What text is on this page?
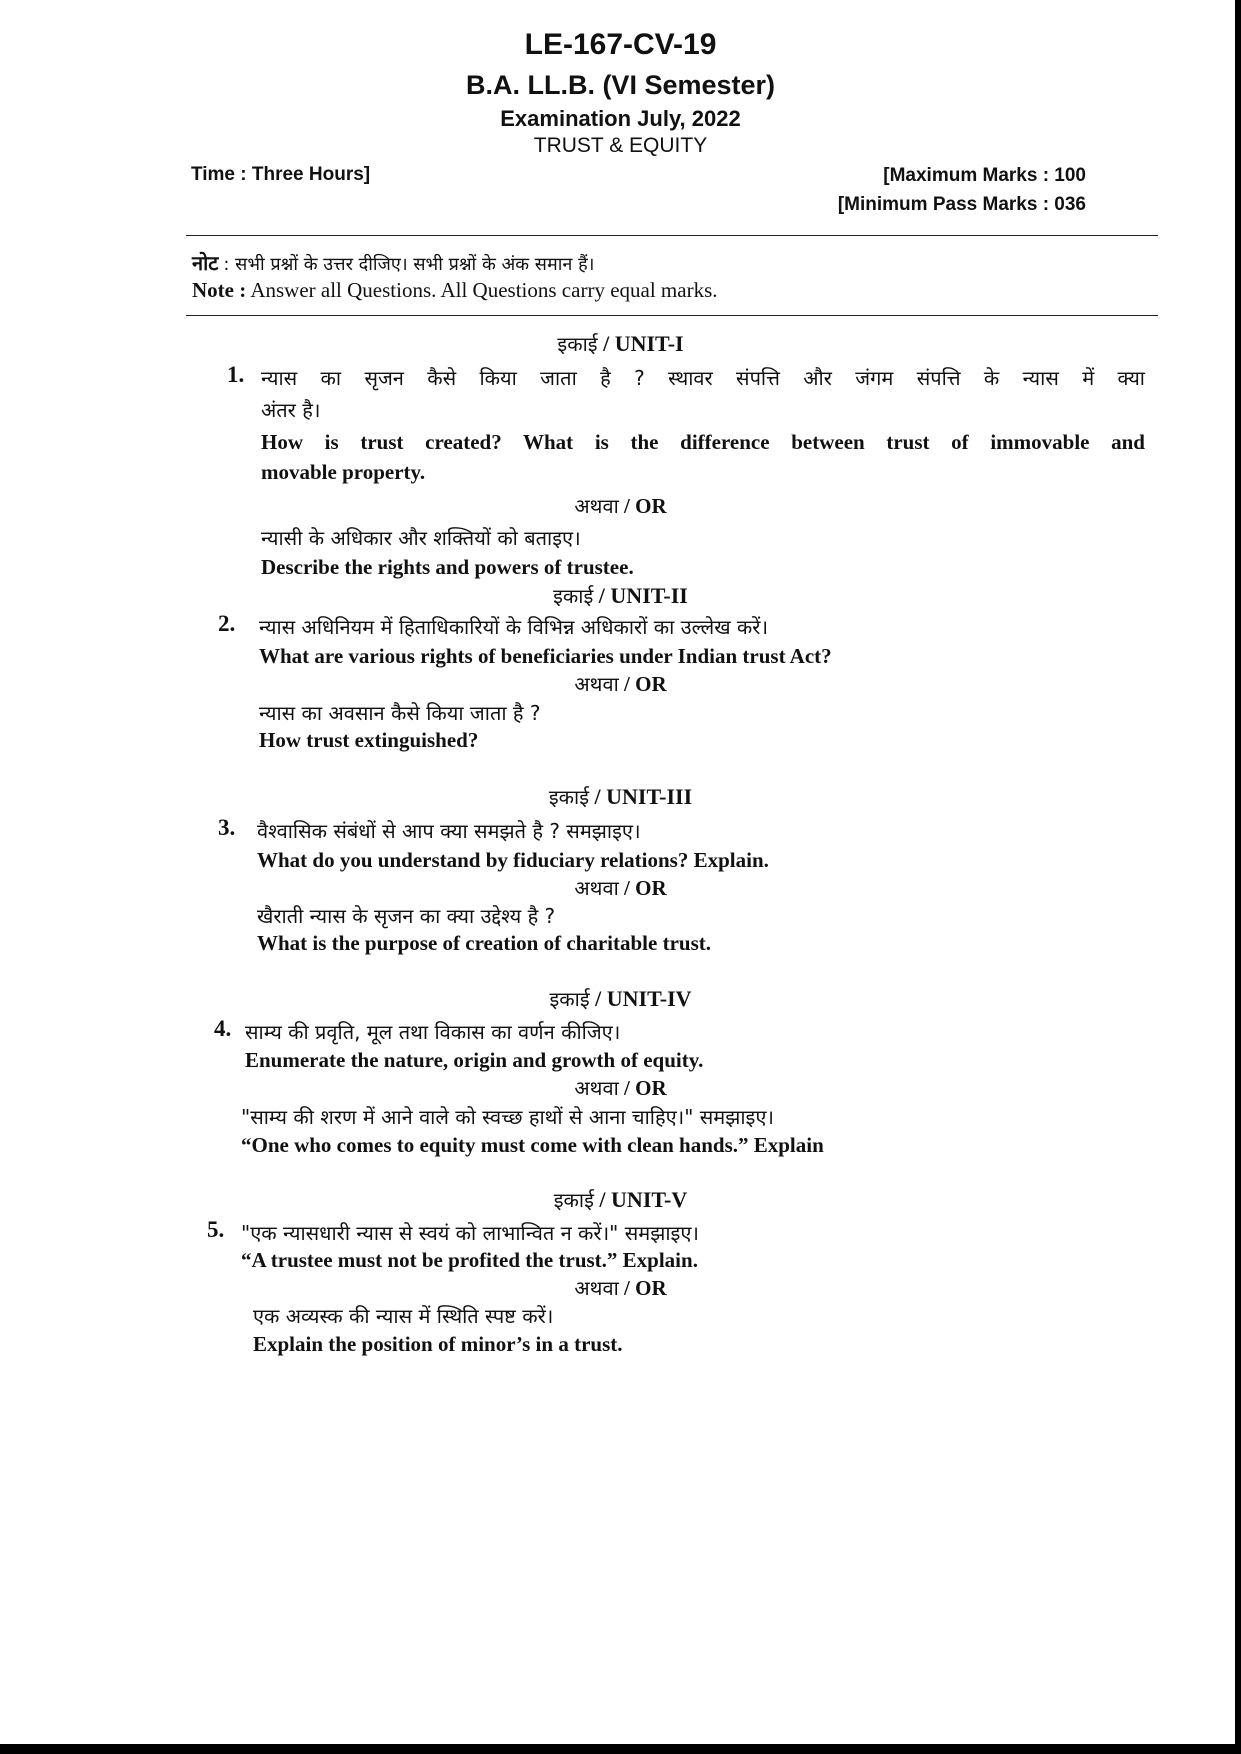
LE-167-CV-19
B.A. LL.B. (VI Semester)
Examination July, 2022
TRUST & EQUITY
Time : Three Hours]	[Maximum Marks : 100
[Minimum Pass Marks : 036
नोट : सभी प्रश्नों के उत्तर दीजिए। सभी प्रश्नों के अंक समान हैं।
Note : Answer all Questions. All Questions carry equal marks.
इकाई / UNIT-I
1. न्यास का सृजन कैसे किया जाता है ? स्थावर संपत्ति और जंगम संपत्ति के न्यास में क्या
अंतर है।
How is trust created? What is the difference between trust of immovable and
movable property.
अथवा / OR
न्यासी के अधिकार और शक्तियों को बताइए।
Describe the rights and powers of trustee.
इकाई / UNIT-II
2. न्यास अधिनियम में हिताधिकारियों के विभिन्न अधिकारों का उल्लेख करें।
What are various rights of beneficiaries under Indian trust Act?
अथवा / OR
न्यास का अवसान कैसे किया जाता है ?
How trust extinguished?
इकाई / UNIT-III
3. वैश्वासिक संबंधों से आप क्या समझते है ? समझाइए।
What do you understand by fiduciary relations? Explain.
अथवा / OR
खैराती न्यास के सृजन का क्या उद्देश्य है ?
What is the purpose of creation of charitable trust.
इकाई / UNIT-IV
4. साम्य की प्रवृति, मूल तथा विकास का वर्णन कीजिए।
Enumerate the nature, origin and growth of equity.
अथवा / OR
"साम्य की शरण में आने वाले को स्वच्छ हाथों से आना चाहिए।" समझाइए।
“One who comes to equity must come with clean hands.” Explain
इकाई / UNIT-V
5. "एक न्यासधारी न्यास से स्वयं को लाभान्वित न करें।" समझाइए।
“A trustee must not be profited the trust.” Explain.
अथवा / OR
एक अव्यस्क की न्यास में स्थिति स्पष्ट करें।
Explain the position of minor’s in a trust.
